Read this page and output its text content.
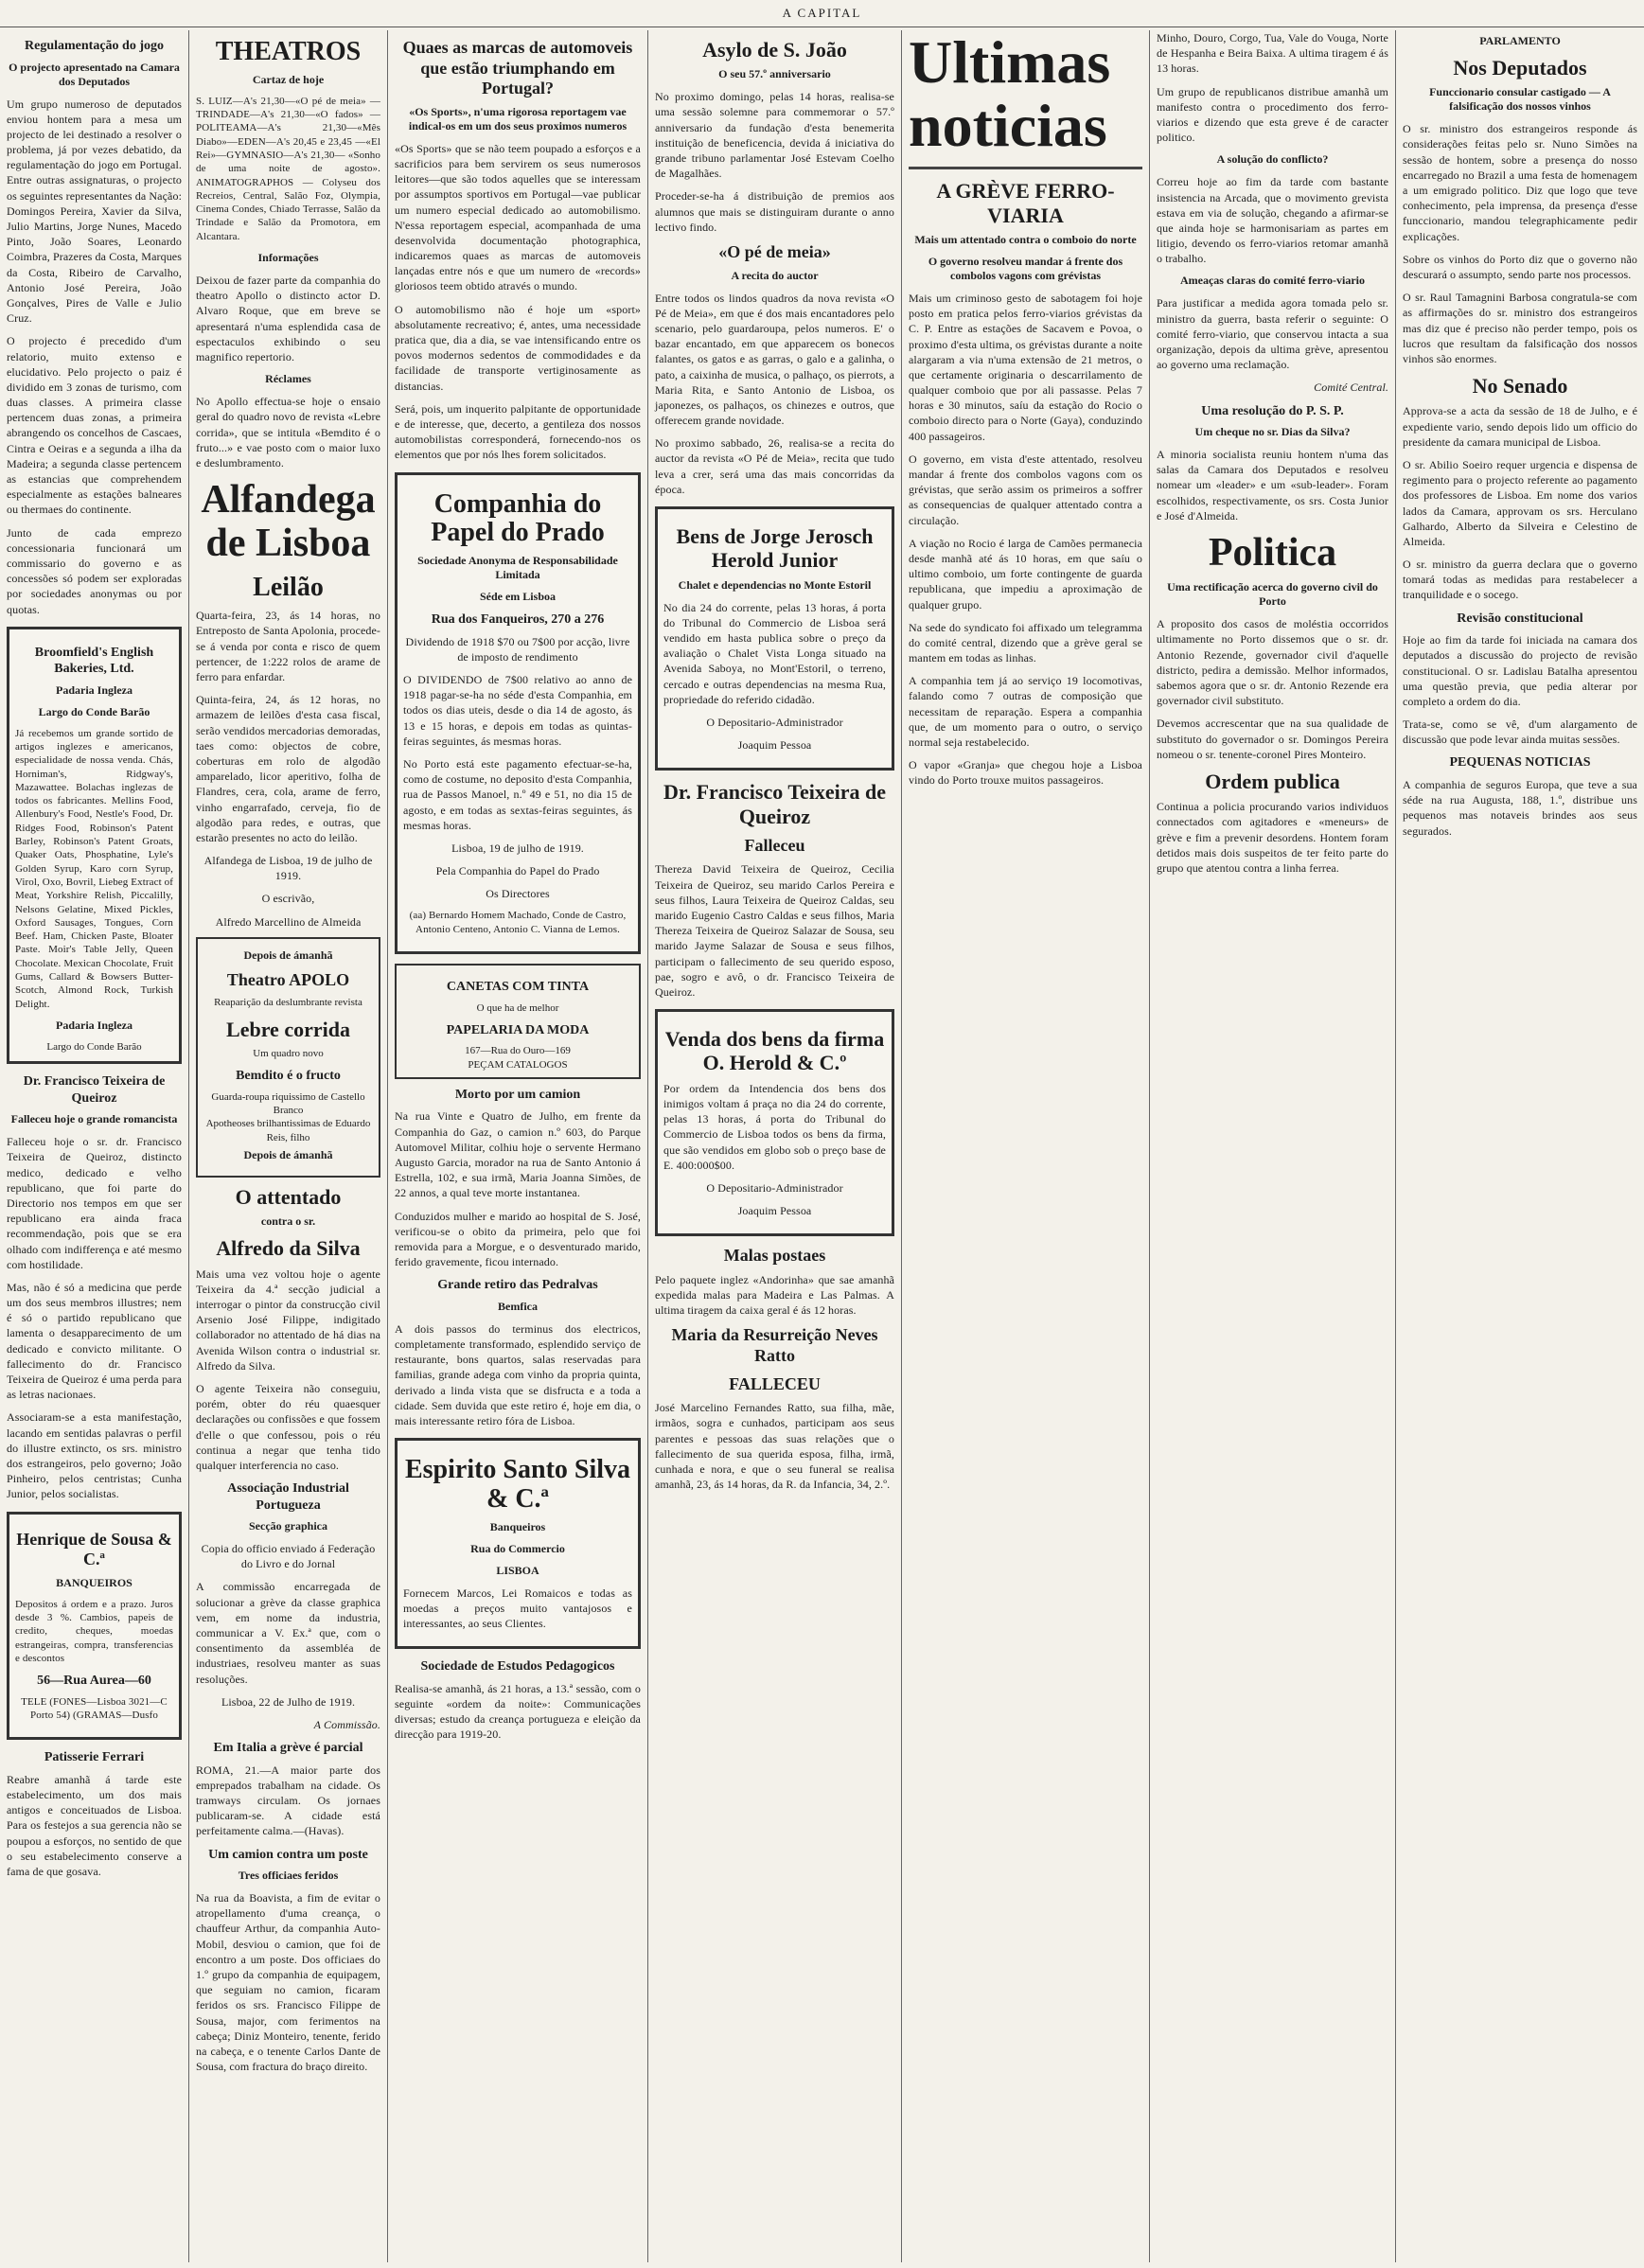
A CAPITAL
Regulamentação do jogo
O projecto apresentado na Camara dos Deputados

Um grupo numeroso de deputados enviou hontem para a mesa um projecto de lei destinado a resolver o problema, já por vezes debatido, da regulamentação do jogo em Portugal. Entre outras assignaturas, o projecto os seguintes representantes da Nação: Domingos Pereira, Xavier da Silva, Julio Martins, Jorge Nunes, Macedo Pinto, João Soares, Leonardo Coimbra, Prazeres da Costa, Marques da Costa, Ribeiro de Carvalho, Antonio José Pereira, João Gonçalves, Pires de Valle e Julio Cruz.

O projecto é precedido d'um relatorio, muito extenso e elucidativo. Pelo projecto o paiz é dividido em 3 zonas de turismo, com duas classes. A primeira classe pertencem duas zonas, a primeira abrangendo os concelhos de Cascaes, Cintra e Oeiras e a segunda a ilha da Madeira; a segunda classe pertencem as estancias que comprehendem especialmente as estações balneares ou thermaes do continente.

Junto de cada emprezo concessionaria funcionará um commissario do governo e as concessões só podem ser exploradas por sociedades anonymas ou por quotas.

Broomfield's English Bakeries, Ltd.
Padaria Ingleza
Largo do Conde Barão

Já recebemos um grande sortido de artigos inglezes e americanos, especialidade de nossa venda. Chás, Horniman's, Ridgway's, Mazawattee. Bolachas inglezas de todos os fabricantes. Mellins Food, Allenbury's Food, Nestle's Food, Dr. Ridges Food, Robinson's Patent Barley, Robinson's Patent Groats, Quaker Oats, Phosphatine, Lyle's Golden Syrup, Karo corn Syrup, Virol, Oxo, Bovril, Liebeg Extract of Meat, Yorkshire Relish, Piccalilly, Nelsons Gelatine, Mixed Pickles, Oxford Sausages, Tongues, Corn Beef. Ham, Chicken Paste, Bloater Paste. Moir's Table Jelly, Queen Chocolate. Mexican Chocolate, Fruit Gums, Callard & Bowsers Butter-Scotch, Almond Rock, Turkish Delight.

Padaria Ingleza
Largo do Conde Barão
Dr. Francisco Teixeira de Queiroz
Falleceu hoje o grande romancista

Falleceu hoje o sr. dr. Francisco Teixeira de Queiroz, distincto medico, dedicado e velho republicano, que foi parte do Directorio nos tempos em que ser republicano era ainda fraca recommendação, pois que se era olhado com indifferença e até mesmo com hostilidade.

Mas, não é só a medicina que perde um dos seus membros illustres; nem é só o partido republicano que lamenta o desapparecimento de um dedicado e convicto militante. O fallecimento do dr. Francisco Teixeira de Queiroz é uma perda para as letras nacionaes.

Associaram-se a esta manifestação, lacando em sentidas palavras o perfil do illustre extincto, os srs. ministro dos estrangeiros, pelo governo; João Pinheiro, pelos centristas; Cunha Junior, pelos socialistas.

Henrique de Sousa & C.ª
BANQUEIROS

Depositos á ordem e a prazo. Juros desde 3 %. Cambios, papeis de credito, cheques, moedas estrangeiras, compra, transferencias e descontos

56—Rua Aurea—60

TELE (FONES—Lisboa 3021—C Porto 54) (GRAMAS—Dusfo

Patisserie Ferrari

Reabre amanhã á tarde este estabelecimento, um dos mais antigos e conceituados de Lisboa. Para os festejos a sua gerencia não se poupou a esforços, no sentido de que o seu estabelecimento conserve a fama de que gosava.

THEATROS
Cartaz de hoje

S. LUIZ—A's 21,30—«O pé de meia» —TRINDADE—A's 21,30—«O fados» —POLITEAMA—A's 21,30—«Mês Diabo»—EDEN—A's 20,45 e 23,45 —«El Rei»—GYMNASIO—A's 21,30— «Sonho de uma noite de agosto». ANIMATOGRAPHOS — Colyseu dos Recreios, Central, Salão Foz, Olympia, Cinema Condes, Chiado Terrasse, Salão da Trindade e Salão da Promotora, em Alcantara.

Informações

Deixou de fazer parte da companhia do theatro Apollo o distincto actor D. Alvaro Roque, que em breve se apresentará n'uma esplendida casa de espectaculos exhibindo o seu magnifico repertorio.

Réclames

No Apollo effectua-se hoje o ensaio geral do quadro novo de revista «Lebre corrida», que se intitula «Bemdito é o fruto...» e vae posto com o maior luxo e deslumbramento.

Alfandega de Lisboa
Leilão

Quarta-feira, 23, ás 14 horas, no Entreposto de Santa Apolonia, procede-se á venda por conta e risco de quem pertencer, de 1:222 rolos de arame de ferro para enfardar.

Quinta-feira, 24, ás 12 horas, no armazem de leilões d'esta casa fiscal, serão vendidos mercadorias demoradas, taes como: objectos de cobre, coberturas em rolo de algodão amparelado, licor aperitivo, folha de Flandres, cera, cola, arame de ferro, vinho engarrafado, cerveja, fio de algodão para redes, e outras, que estarão presentes no acto do leilão.

Alfandega de Lisboa, 19 de julho de 1919.

O escrivão,

Alfredo Marcellino de Almeida

Depois de ámanhã
Theatro APOLO
Reaparição da deslumbrante revista
Lebre corrida
Um quadro novo
Bemdito é o fructo
Guarda-roupa riquissimo de Castello Branco
Apotheoses brilhantissimas de Eduardo Reis, filho
Depois de ámanhã
O attentado
contra o sr.
Alfredo da Silva

Mais uma vez voltou hoje o agente Teixeira da 4.ª secção judicial a interrogar o pintor da construcção civil Arsenio José Filippe, indigitado collaborador no attentado de há dias na Avenida Wilson contra o industrial sr. Alfredo da Silva.

O agente Teixeira não conseguiu, porém, obter do réu quaesquer declarações ou confissões e que fossem d'elle o que confessou, pois o réu continua a negar que tenha tido qualquer interferencia no caso.

Associação Industrial Portugueza
Secção graphica

Copia do officio enviado á Federação do Livro e do Jornal

A commissão encarregada de solucionar a grève da classe graphica vem, em nome da industria, communicar a V. Ex.ª que, com o consentimento da assembléa de industriaes, resolveu manter as suas resoluções.

Lisboa, 22 de Julho de 1919.

A Commissão.

Em Italia a grève é parcial

ROMA, 21.—A maior parte dos emprepados trabalham na cidade. Os tramways circulam. Os jornaes publicaram-se. A cidade está perfeitamente calma.—(Havas).

Um camion contra um poste
Tres officiaes feridos

Na rua da Boavista, a fim de evitar o atropellamento d'uma creança, o chauffeur Arthur, da companhia Auto-Mobil, desviou o camion, que foi de encontro a um poste. Dos officiaes do 1.º grupo da companhia de equipagem, que seguiam no camion, ficaram feridos os srs. Francisco Filippe de Sousa, major, com ferimentos na cabeça; Diniz Monteiro, tenente, ferido na cabeça, e o tenente Carlos Dante de Sousa, com fractura do braço direito.

Quaes as marcas de automoveis que estão triumphando em Portugal?
«Os Sports», n'uma rigorosa reportagem vae indical-os em um dos seus proximos numeros

«Os Sports» que se não teem poupado a esforços e a sacrificios para bem servirem os seus numerosos leitores—que são todos aquelles que se interessam por assumptos sportivos em Portugal—vae publicar um numero especial dedicado ao automobilismo. N'essa reportagem especial, acompanhada de uma desenvolvida documentação photographica, indicaremos quaes as marcas de automoveis lançadas entre nós e que um numero de «records» gloriosos teem obtido através o mundo.

O automobilismo não é hoje um «sport» absolutamente recreativo; é, antes, uma necessidade pratica que, dia a dia, se vae intensificando entre os povos modernos sedentos de commodidades e da facilidade de transporte vertiginosamente as distancias.

Será, pois, um inquerito palpitante de opportunidade e de interesse, que, decerto, a gentileza dos nossos automobilistas corresponderá, fornecendo-nos os elementos que por nós lhes forem solicitados.

Companhia do Papel do Prado
Sociedade Anonyma de Responsabilidade Limitada
Séde em Lisboa
Rua dos Fanqueiros, 270 a 276

Dividendo de 1918 $70 ou 7$00 por acção, livre de imposto de rendimento

O DIVIDENDO de 7$00 relativo ao anno de 1918 pagar-se-ha no séde d'esta Companhia, em todos os dias uteis, desde o dia 14 de agosto, ás 13 e 15 horas, e depois em todas as quintas-feiras seguintes, ás mesmas horas.

No Porto está este pagamento efectuar-se-ha, como de costume, no deposito d'esta Companhia, rua de Passos Manoel, n.º 49 e 51, no dia 15 de agosto, e em todas as sextas-feiras seguintes, ás mesmas horas.

Lisboa, 19 de julho de 1919.

Pela Companhia do Papel do Prado

Os Directores

(aa) Bernardo Homem Machado, Conde de Castro, Antonio Centeno, Antonio C. Vianna de Lemos.

CANETAS COM TINTA
O que ha de melhor
PAPELARIA DA MODA
167—Rua do Ouro—169
PEÇAM CATALOGOS
Morto por um camion

Na rua Vinte e Quatro de Julho, em frente da Companhia do Gaz, o camion n.º 603, do Parque Automovel Militar, colhiu hoje o servente Hermano Augusto Garcia, morador na rua de Santo Antonio á Estrella, 102, e sua irmã, Maria Joanna Simões, de 22 annos, a qual teve morte instantanea.

Conduzidos mulher e marido ao hospital de S. José, verificou-se o obito da primeira, pelo que foi removida para a Morgue, e o desventurado marido, ferido gravemente, ficou internado.

Grande retiro das Pedralvas
Bemfica

A dois passos do terminus dos electricos, completamente transformado, esplendido serviço de restaurante, bons quartos, salas reservadas para familias, grande adega com vinho da propria quinta, derivado a linda vista que se disfructa e a toda a cidade. Sem duvida que este retiro é, hoje em dia, o mais interessante retiro fóra de Lisboa.

Espirito Santo Silva & C.ª
Banqueiros
Rua do Commercio
LISBOA

Fornecem Marcos, Lei Romaicos e todas as moedas a preços muito vantajosos e interessantes, ao seus Clientes.

Sociedade de Estudos Pedagogicos

Realisa-se amanhã, ás 21 horas, a 13.ª sessão, com o seguinte «ordem da noite»: Communicações diversas; estudo da creança portugueza e eleição da direcção para 1919-20.

Asylo de S. João
O seu 57.º anniversario

No proximo domingo, pelas 14 horas, realisa-se uma sessão solemne para commemorar o 57.º anniversario da fundação d'esta benemerita instituição de beneficencia, devida á iniciativa do grande tribuno parlamentar José Estevam Coelho de Magalhães.

Proceder-se-ha á distribuição de premios aos alumnos que mais se distinguiram durante o anno lectivo findo.

«O pé de meia»
A recita do auctor

Entre todos os lindos quadros da nova revista «O Pé de Meia», em que é dos mais encantadores pelo scenario, pelo guardaroupa, pelos numeros. E' o bazar encantado, em que apparecem os bonecos falantes, os gatos e as garras, o galo e a galinha, o pato, a caixinha de musica, o palhaço, os pierrots, a Maria Rita, e Santo Antonio de Lisboa, os japonezes, os palhaços, os chinezes e outros, que offerecem grande novidade.

No proximo sabbado, 26, realisa-se a recita do auctor da revista «O Pé de Meia», recita que tudo leva a crer, será uma das mais concorridas da época.

Bens de Jorge Jerosch Herold Junior
Chalet e dependencias no Monte Estoril

No dia 24 do corrente, pelas 13 horas, á porta do Tribunal do Commercio de Lisboa será vendido em hasta publica sobre o preço da avaliação o Chalet Vista Longa situado na Avenida Saboya, no Mont'Estoril, o terreno, cercado e outras dependencias na mesma Rua, propriedade do referido cidadão.

O Depositario-Administrador

Joaquim Pessoa

Dr. Francisco Teixeira de Queiroz
Falleceu

Thereza David Teixeira de Queiroz, Cecilia Teixeira de Queiroz, seu marido Carlos Pereira e seus filhos, Laura Teixeira de Queiroz Caldas, seu marido Eugenio Castro Caldas e seus filhos, Maria Thereza Teixeira de Queiroz Salazar de Sousa, seu marido Jayme Salazar de Sousa e seus filhos, participam o fallecimento de seu querido esposo, pae, sogro e avô, o dr. Francisco Teixeira de Queiroz.

Venda dos bens da firma O. Herold & C.º

Por ordem da Intendencia dos bens dos inimigos voltam á praça no dia 24 do corrente, pelas 13 horas, á porta do Tribunal do Commercio de Lisboa todos os bens da firma, que são vendidos em globo sob o preço base de E. 400:000$00.

O Depositario-Administrador

Joaquim Pessoa

Malas postaes

Pelo paquete inglez «Andorinha» que sae amanhã expedida malas para Madeira e Las Palmas. A ultima tiragem da caixa geral é ás 12 horas.

Maria da Resurreição Neves Ratto
FALLECEU

José Marcelino Fernandes Ratto, sua filha, mãe, irmãos, sogra e cunhados, participam aos seus parentes e pessoas das suas relações que o fallecimento de sua querida esposa, filha, irmã, cunhada e nora, e que o seu funeral se realisa amanhã, 23, ás 14 horas, da R. da Infancia, 34, 2.º.

Ultimas noticias
A GRÈVE FERRO-VIARIA
Mais um attentado contra o comboio do norte
O governo resolveu mandar á frente dos combolos vagons com grévistas

Mais um criminoso gesto de sabotagem foi hoje posto em pratica pelos ferro-viarios grévistas da C. P. Entre as estações de Sacavem e Povoa, o proximo d'esta ultima, os grévistas durante a noite alargaram a via n'uma extensão de 21 metros, o que certamente originaria o descarrilamento de qualquer comboio que por ali passasse. Pelas 7 horas e 30 minutos, saíu da estação do Rocio o comboio directo para o Norte (Gaya), conduzindo 400 passageiros.

O governo, em vista d'este attentado, resolveu mandar á frente dos combolos vagons com os grévistas, que serão assim os primeiros a soffrer as consequencias de qualquer attentado contra a circulação.

A viação no Rocio é larga de Camões permanecia desde manhã até ás 10 horas, em que saíu o ultimo comboio, um forte contingente de guarda republicana, que impediu a aproximação de qualquer grupo.

Na sede do syndicato foi affixado um telegramma do comité central, dizendo que a grève geral se mantem em todas as linhas.

A companhia tem já ao serviço 19 locomotivas, falando como 7 outras de composição que necessitam de reparação. Espera a companhia que, de um momento para o outro, o serviço normal seja restabelecido.

O vapor «Granja» que chegou hoje a Lisboa vindo do Porto trouxe muitos passageiros.

Minho, Douro, Corgo, Tua, Vale do Vouga, Norte de Hespanha e Beira Baixa. A ultima tiragem é ás 13 horas.

Um grupo de republicanos distribue amanhã um manifesto contra o procedimento dos ferro-viarios e dizendo que esta greve é de caracter politico.

A solução do conflicto?

Correu hoje ao fim da tarde com bastante insistencia na Arcada, que o movimento grevista estava em via de solução, chegando a afirmar-se que ainda hoje se harmonisariam as partes em litigio, devendo os ferro-viarios retomar amanhã o trabalho.

Ameaças claras do comité ferro-viario

Para justificar a medida agora tomada pelo sr. ministro da guerra, basta referir o seguinte: O comité ferro-viario, que conservou intacta a sua organização, depois da ultima grève, apresentou ao governo uma reclamação.

Comité Central.

Uma resolução do P. S. P.
Um cheque no sr. Dias da Silva?

A minoria socialista reuniu hontem n'uma das salas da Camara dos Deputados e resolveu nomear um «leader» e um «sub-leader». Foram escolhidos, respectivamente, os srs. Costa Junior e José d'Almeida.

Politica
Uma rectificação acerca do governo civil do Porto

A proposito dos casos de moléstia occorridos ultimamente no Porto dissemos que o sr. dr. Antonio Rezende, governador civil d'aquelle districto, pedira a demissão. Melhor informados, sabemos agora que o sr. dr. Antonio Rezende era governador civil substituto.

Devemos accrescentar que na sua qualidade de substituto do governador o sr. Domingos Pereira nomeou o sr. tenente-coronel Pires Monteiro.

Ordem publica

Continua a policia procurando varios individuos connectados com agitadores e «meneurs» de grève e fim a prevenir desordens. Hontem foram detidos mais dois suspeitos de ter feito parte do grupo que atentou contra a linha ferrea.

PARLAMENTO
Nos Deputados
Funccionario consular castigado — A falsificação dos nossos vinhos

O sr. ministro dos estrangeiros responde ás considerações feitas pelo sr. Nuno Simões na sessão de hontem, sobre a presença do nosso encarregado no Brazil a uma festa de homenagem a um emigrado politico. Diz que logo que teve conhecimento, pela imprensa, da presença d'esse funccionario, mandou telegraphicamente pedir explicações.

Sobre os vinhos do Porto diz que o governo não descurará o assumpto, sendo parte nos processos.

O sr. Raul Tamagnini Barbosa congratula-se com as affirmações do sr. ministro dos estrangeiros mas diz que é preciso não perder tempo, pois os lucros que resultam da falsificação dos nossos vinhos são enormes.

No Senado

Approva-se a acta da sessão de 18 de Julho, e é expediente vario, sendo depois lido um officio do presidente da camara municipal de Lisboa.

O sr. Abilio Soeiro requer urgencia e dispensa de regimento para o projecto referente ao pagamento dos professores de Lisboa. Em nome dos varios lados da Camara, approvam os srs. Herculano Galhardo, Alberto da Silveira e Celestino de Almeida.

O sr. ministro da guerra declara que o governo tomará todas as medidas para restabelecer a tranquilidade e o socego.

Revisão constitucional

Hoje ao fim da tarde foi iniciada na camara dos deputados a discussão do projecto de revisão constitucional. O sr. Ladislau Batalha apresentou uma questão previa, que pedia alterar por completo a ordem do dia.

Trata-se, como se vê, d'um alargamento de discussão que pode levar ainda muitas sessões.

PEQUENAS NOTICIAS

A companhia de seguros Europa, que teve a sua séde na rua Augusta, 188, 1.º, distribue uns pequenos mas notaveis brindes aos seus segurados.
